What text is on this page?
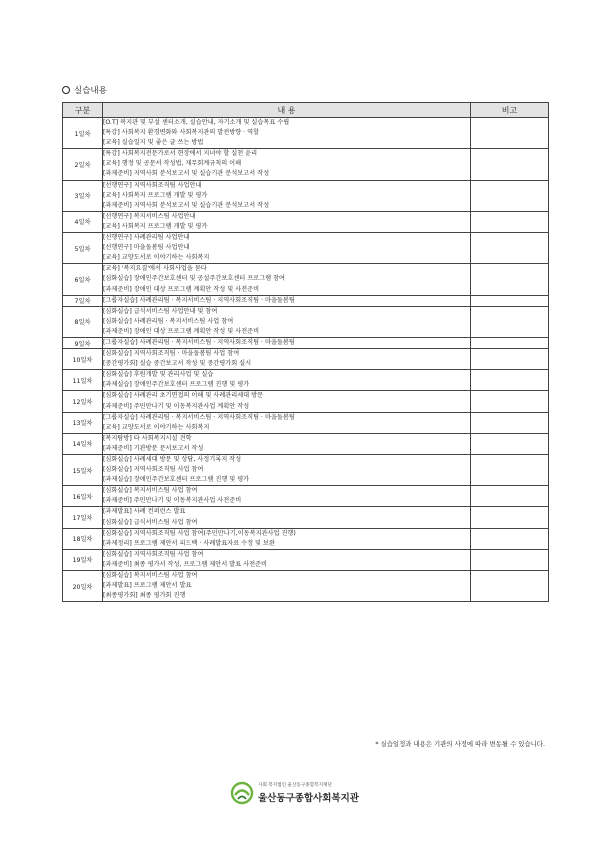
실습내용
구분	내 용	비고
1일차	[O.T] 복지관 및 부설 센터소개, 실습안내, 자기소개 및 실습목표 수립
[특강] 사회복지 환경변화와 사회복지관의 발전방향 · 역할
[교육] 실습일지 및 좋은 글 쓰는 방법	

2일차	[특강] 사회복지전문가로서 현장에서 지녀야 할 실천 윤리
[교육] 행정 및 공문서 작성법, 재무회계규칙의 이해
[과제준비] 지역사회 분석보고서 및 실습기관 분석보고서 작성	

3일차	[선행연구] 지역사회조직팀 사업안내
[교육] 사회복지 프로그램 개발 및 평가
[과제준비] 지역사회 분석보고서 및 실습기관 분석보고서 작성	

4일차	[선행연구] 복지서비스팀 사업안내
[교육] 사회복지 프로그램 개발 및 평가	

5일차	[선행연구] 사례관리팀 사업안내
[선행연구] 마을돌봄팀 사업안내
[교육] 교양도서로 이야기하는 사회복지	

6일차	[교육] '복지요결'에서 사회사업을 묻다
[심화실습] 장애인주간보호센터 및 공설주간보호센터 프로그램 참여
[과제준비] 장애인 대상 프로그램 계획안 작성 및 사전준비	

7일차	[그룹자실습] 사례관리팀 · 복지서비스팀 · 지역사회조직팀 · 마을돌봄팀	

8일차	[심화실습] 급식서비스팀 사업안내 및 참여
[심화실습] 사례관리팀 · 복지서비스팀 사업 참여
[과제준비] 장애인 대상 프로그램 계획안 작성 및 사전준비	

9일차	[그룹자실습] 사례관리팀 · 복지서비스팀 · 지역사회조직팀 · 마을돌봄팀	

10일차	[심화실습] 지역사회조직팀 · 마을돌봄팀 사업 참여
[중간평가회] 실습 중간보고서 작성 및 중간평가회 실시	

11일차	[심화실습] 후원개발 및 관리사업 및 실습
[과제실습] 장애인주간보호센터 프로그램 진행 및 평가	

12일차	[심화실습] 사례관리 초기면접의 이해 및 사례관리세대 방문
[과제준비] 주민만나기 및 이동복지관사업 계획안 작성	

13일차	[그룹자실습] 사례관리팀 · 복지서비스팀 · 지역사회조직팀 · 마을돌봄팀
[교육] 교양도서로 이야기하는 사회복지	

14일차	[복지탐방] 타 사회복지시설 견학
[과제준비] 기관방문 문서보고서 작성	

15일차	[심화실습] 사례세대 방문 및 상담, 사정기록지 작성
[심화실습] 지역사회조직팀 사업 참여
[과제실습] 장애인주간보호센터 프로그램 진행 및 평가	

16일차	[심화실습] 복지서비스팀 사업 참여
[과제준비] 주민만나기 및 이동복지관사업 사전준비	

17일차	[과제발표] 사례 컨퍼런스 발표
[심화실습] 급식서비스팀 사업 참여	

18일차	[심화실습] 지역사회조직팀 사업 참여(주민만나기,이동복지관사업 진행)
[과제정리] 프로그램 제안서 피드백 · 사례발표자료 수정 및 보완	

19일차	[심화실습] 지역사회조직팀 사업 참여
[과제준비] 최종 평가서 작성, 프로그램 제안서 발표 사전준비	

20일차	[심화실습] 복지서비스팀 사업 참여
[과제발표] 프로그램 제안서 발표
[최종평가회] 최종 평가회 진행	

* 실습일정과 내용은 기관의 사정에 따라 변동될 수 있습니다.
사회 복지법인 울산동구종합복지재단
울산동구종합사회복지관
